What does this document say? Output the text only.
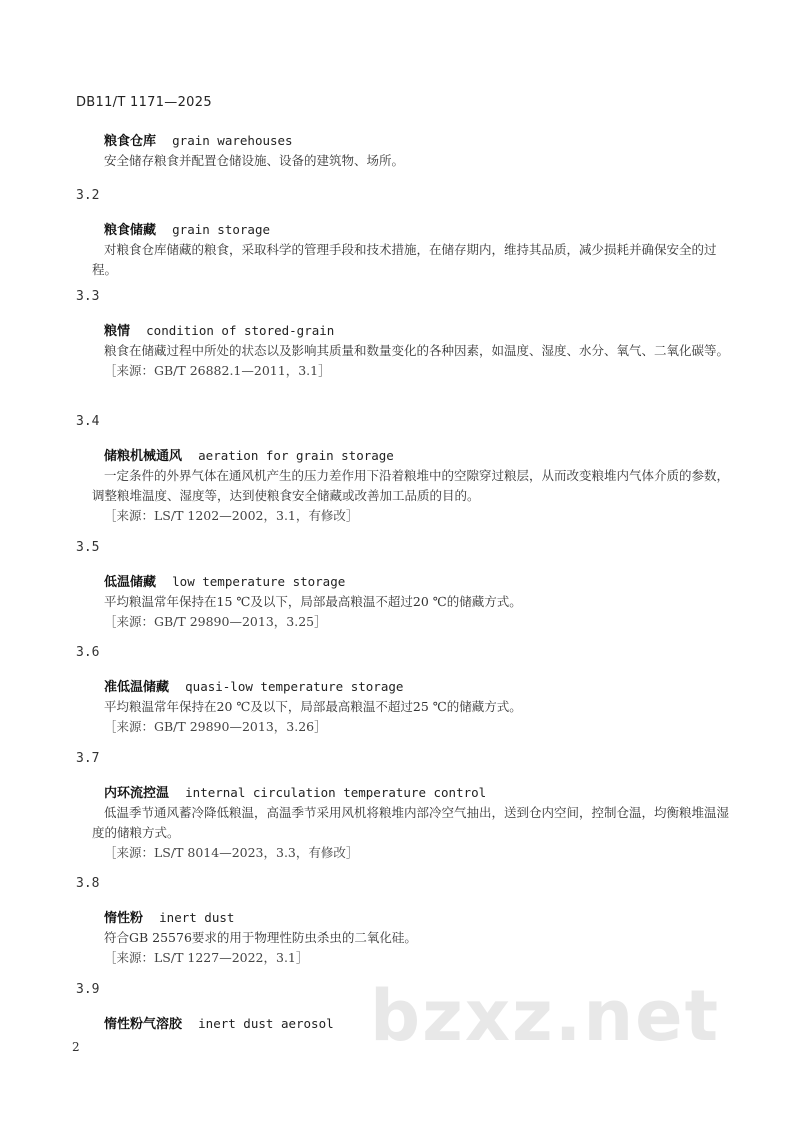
DB11/T 1171—2025
粮食仓库 grain warehouses
安全储存粮食并配置仓储设施、设备的建筑物、场所。
3.2
粮食储藏 grain storage
对粮食仓库储藏的粮食，采取科学的管理手段和技术措施，在储存期内，维持其品质，减少损耗并确保安全的过程。
3.3
粮情 condition of stored-grain
粮食在储藏过程中所处的状态以及影响其质量和数量变化的各种因素，如温度、湿度、水分、氧气、二氧化碳等。
［来源：GB/T 26882.1—2011，3.1］
3.4
储粮机械通风 aeration for grain storage
一定条件的外界气体在通风机产生的压力差作用下沿着粮堆中的空隙穿过粮层，从而改变粮堆内气体介质的参数，调整粮堆温度、湿度等，达到使粮食安全储藏或改善加工品质的目的。
［来源：LS/T 1202—2002，3.1，有修改］
3.5
低温储藏 low temperature storage
平均粮温常年保持在15 ℃及以下，局部最高粮温不超过20 ℃的储藏方式。
［来源：GB/T 29890—2013，3.25］
3.6
准低温储藏 quasi-low temperature storage
平均粮温常年保持在20 ℃及以下，局部最高粮温不超过25 ℃的储藏方式。
［来源：GB/T 29890—2013，3.26］
3.7
内环流控温 internal circulation temperature control
低温季节通风蓄冷降低粮温，高温季节采用风机将粮堆内部冷空气抽出，送到仓内空间，控制仓温，均衡粮堆温湿度的储粮方式。
［来源：LS/T 8014—2023，3.3，有修改］
3.8
惰性粉 inert dust
符合GB 25576要求的用于物理性防虫杀虫的二氧化硅。
［来源：LS/T 1227—2022，3.1］
3.9
惰性粉气溶胶 inert dust aerosol bzxz.net
2
